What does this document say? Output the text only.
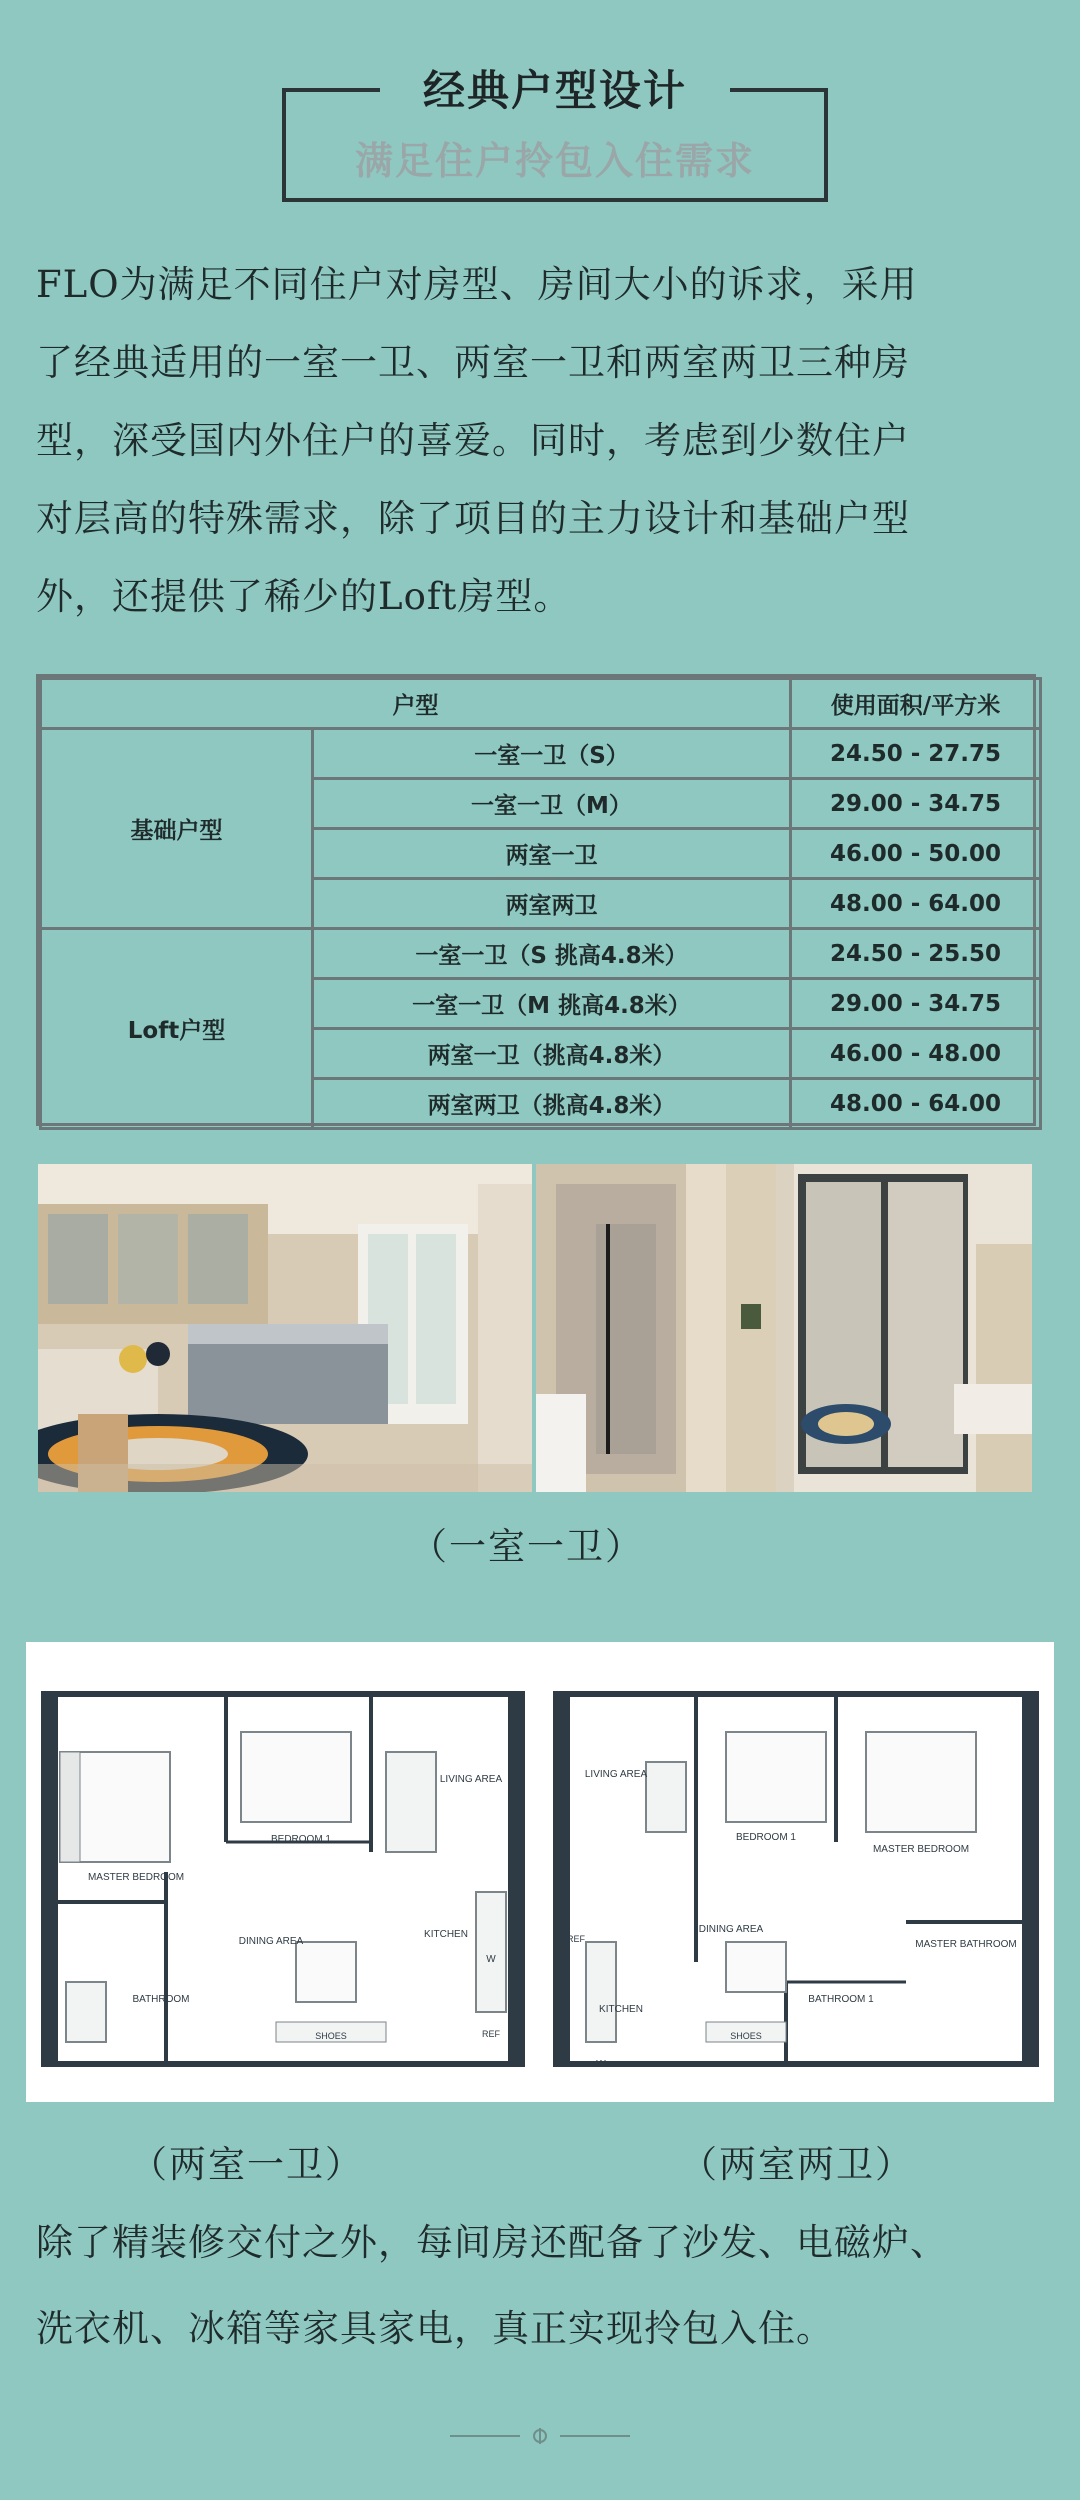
经典户型设计
满足住户拎包入住需求
FLO为满足不同住户对房型、房间大小的诉求，采用
了经典适用的一室一卫、两室一卫和两室两卫三种房
型，深受国内外住户的喜爱。同时，考虑到少数住户
对层高的特殊需求，除了项目的主力设计和基础户型
外，还提供了稀少的Loft房型。
户型		使用面积/平方米
基础户型	一室一卫（S）	24.50 - 27.75
	一室一卫（M）	29.00 - 34.75
	两室一卫	46.00 - 50.00
	两室两卫	48.00 - 64.00
Loft户型	一室一卫（S 挑高4.8米）	24.50 - 25.50
	一室一卫（M 挑高4.8米）	29.00 - 34.75
	两室一卫（挑高4.8米）	46.00 - 48.00
	两室两卫（挑高4.8米）	48.00 - 64.00
（一室一卫）
MASTER BEDROOM
BEDROOM 1
LIVING AREA
DINING AREA
KITCHEN
BATHROOM
SHOES	REF
W
LIVING AREA
BEDROOM 1
MASTER BEDROOM
DINING AREA
KITCHEN
BATHROOM 1
MASTER BATHROOM
SHOES
REF
W
（两室一卫）	（两室两卫）
除了精装修交付之外，每间房还配备了沙发、电磁炉、
洗衣机、冰箱等家具家电，真正实现拎包入住。
